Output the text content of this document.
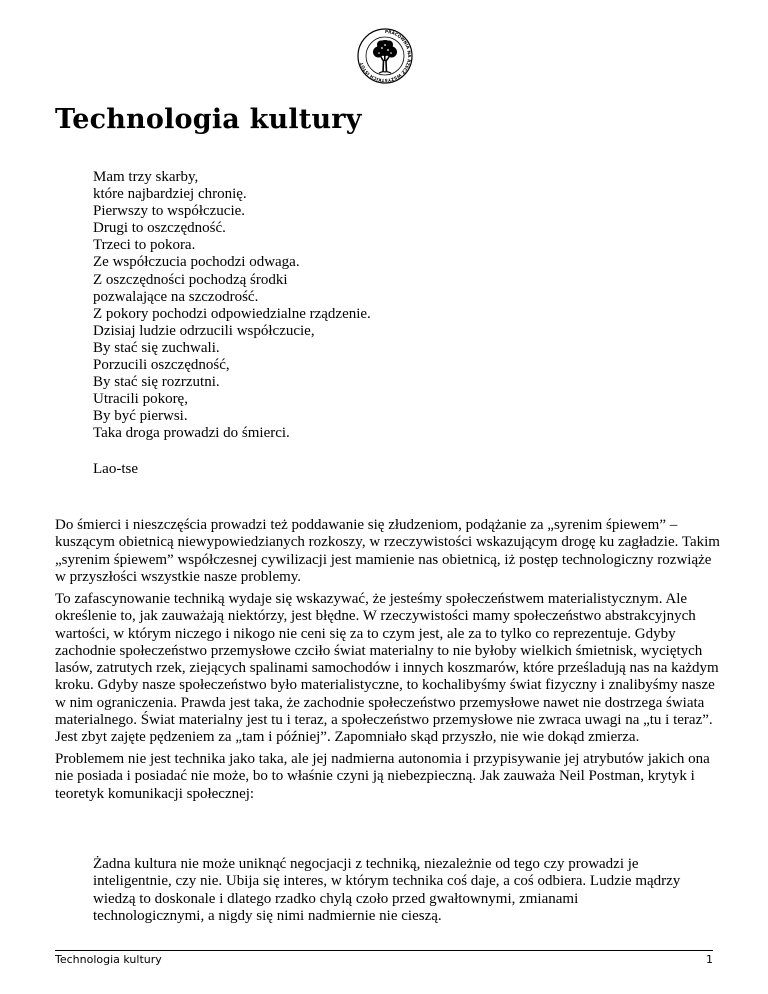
PRACOWNIA NA RZECZ WSZYSTKICH ISTOT
Technologia kultury
Mam trzy skarby,
które najbardziej chronię.
Pierwszy to współczucie.
Drugi to oszczędność.
Trzeci to pokora.
Ze współczucia pochodzi odwaga.
Z oszczędności pochodzą środki
pozwalające na szczodrość.
Z pokory pochodzi odpowiedzialne rządzenie.
Dzisiaj ludzie odrzucili współczucie,
By stać się zuchwali.
Porzucili oszczędność,
By stać się rozrzutni.
Utracili pokorę,
By być pierwsi.
Taka droga prowadzi do śmierci.
Lao-tse

Do śmierci i nieszczęścia prowadzi też poddawanie się złudzeniom, podążanie za „syrenim śpiewem” – kuszącym obietnicą niewypowiedzianych rozkoszy, w rzeczywistości wskazującym drogę ku zagładzie. Takim „syrenim śpiewem” współczesnej cywilizacji jest mamienie nas obietnicą, iż postęp technologiczny rozwiąże w przyszłości wszystkie nasze problemy.

To zafascynowanie techniką wydaje się wskazywać, że jesteśmy społeczeństwem materialistycznym. Ale określenie to, jak zauważają niektórzy, jest błędne. W rzeczywistości mamy społeczeństwo abstrakcyjnych wartości, w którym niczego i nikogo nie ceni się za to czym jest, ale za to tylko co reprezentuje. Gdyby zachodnie społeczeństwo przemysłowe czciło świat materialny to nie byłoby wielkich śmietnisk, wyciętych lasów, zatrutych rzek, ziejących spalinami samochodów i innych koszmarów, które prześladują nas na każdym kroku. Gdyby nasze społeczeństwo było materialistyczne, to kochalibyśmy świat fizyczny i znalibyśmy nasze w nim ograniczenia. Prawda jest taka, że zachodnie społeczeństwo przemysłowe nawet nie dostrzega świata materialnego. Świat materialny jest tu i teraz, a społeczeństwo przemysłowe nie zwraca uwagi na „tu i teraz”. Jest zbyt zajęte pędzeniem za „tam i później”. Zapomniało skąd przyszło, nie wie dokąd zmierza.

Problemem nie jest technika jako taka, ale jej nadmierna autonomia i przypisywanie jej atrybutów jakich ona nie posiada i posiadać nie może, bo to właśnie czyni ją niebezpieczną. Jak zauważa Neil Postman, krytyk i teoretyk komunikacji społecznej:

Żadna kultura nie może uniknąć negocjacji z techniką, niezależnie od tego czy prowadzi je inteligentnie, czy nie. Ubija się interes, w którym technika coś daje, a coś odbiera. Ludzie mądrzy wiedzą to doskonale i dlatego rzadko chylą czoło przed gwałtownymi, zmianami technologicznymi, a nigdy się nimi nadmiernie nie cieszą.
Technologia kultury	1
